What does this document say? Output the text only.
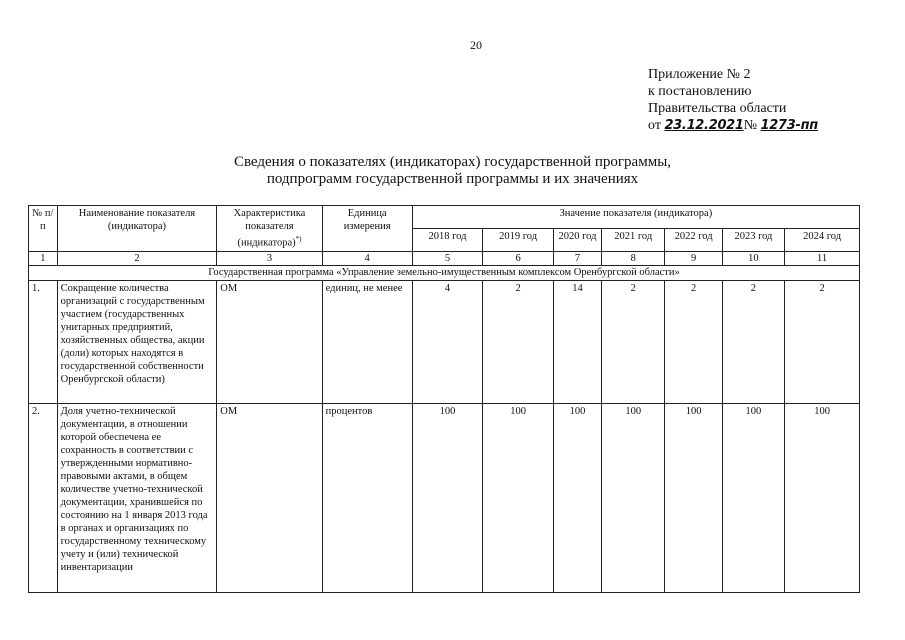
20
Приложение № 2
к постановлению
Правительства области
от 23.12.2021№ 1273-пп
Сведения о показателях (индикаторах) государственной программы,
подпрограмм государственной программы и их значениях
№ п/п	Наименование показателя (индикатора)	Характеристика показателя (индикатора)*)	Единица измерения	Значение показателя (индикатора)						
				2018 год	2019 год	2020 год	2021 год	2022 год	2023 год	2024 год
1	2	3	4	5	6	7	8	9	10	11
Государственная программа «Управление земельно-имущественным комплексом Оренбургской области»										
1.	Сокращение количества организаций с государственным участием (государственных унитарных предприятий, хозяйственных общества, акции (доли) которых находятся в государственной собственности Оренбургской области)	ОМ	единиц, не менее	4	2	14	2	2	2	2
2.	Доля учетно-технической документации, в отношении которой обеспечена ее сохранность в соответствии с утвержденными нормативно-правовыми актами, в общем количестве учетно-технической документации, хранившейся по состоянию на 1 января 2013 года в органах и организациях по государственному техническому учету и (или) технической инвентаризации	ОМ	процентов	100	100	100	100	100	100	100
